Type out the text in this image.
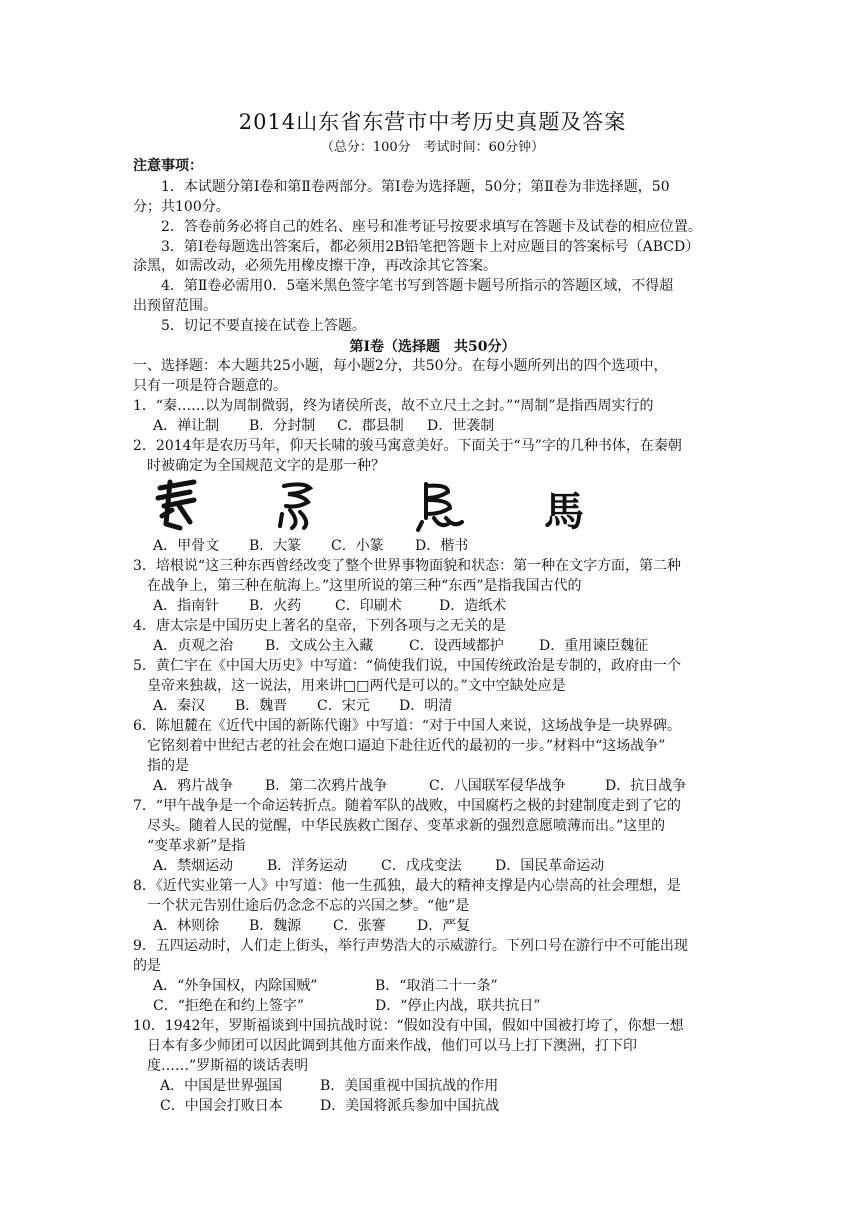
2014山东省东营市中考历史真题及答案
（总分：100分　考试时间：60分钟）
注意事项：
　　1．本试题分第Ⅰ卷和第Ⅱ卷两部分。第Ⅰ卷为选择题，50分；第Ⅱ卷为非选择题，50
分；共100分。
　　2．答卷前务必将自己的姓名、座号和准考证号按要求填写在答题卡及试卷的相应位置。
　　3．第Ⅰ卷每题选出答案后，都必须用2B铅笔把答题卡上对应题目的答案标号（ABCD）
涂黑，如需改动，必须先用橡皮擦干净，再改涂其它答案。
　　4．第Ⅱ卷必需用0．5毫米黑色签字笔书写到答题卡题号所指示的答题区域，不得超
出预留范围。
　　5．切记不要直接在试卷上答题。
第Ⅰ卷（选择题　共50分）
一、选择题：本大题共25小题，每小题2分，共50分。在每小题所列出的四个选项中，
只有一项是符合题意的。
1．“秦……以为周制微弱，终为诸侯所丧，故不立尺土之封。”“周制”是指西周实行的
A．禅让制 B．分封制 C．郡县制 D．世袭制
2．2014年是农历马年，仰天长啸的骏马寓意美好。下面关于“马”字的几种书体，在秦朝
　时被确定为全国规范文字的是那一种？
馬
A．甲骨文 B．大篆 C．小篆 D．楷书
3．培根说“这三种东西曾经改变了整个世界事物面貌和状态：第一种在文字方面，第二种
　在战争上，第三种在航海上。”这里所说的第三种“东西”是指我国古代的
A．指南针 B．火药 C．印刷术	D．造纸术
4．唐太宗是中国历史上著名的皇帝，下列各项与之无关的是
A．贞观之治 B．文成公主入藏	C．设西域都护	D．重用谏臣魏征
5．黄仁宇在《中国大历史》中写道：“倘使我们说，中国传统政治是专制的，政府由一个
　皇帝来独裁，这一说法，用来讲□□两代是可以的。”文中空缺处应是
A．秦汉 B．魏晋 C．宋元 D．明清
6．陈旭麓在《近代中国的新陈代谢》中写道：“对于中国人来说，这场战争是一块界碑。
　它铭刻着中世纪古老的社会在炮口逼迫下赴往近代的最初的一步。”材料中“这场战争”
　指的是
A．鸦片战争 B．第二次鸦片战争	C．八国联军侵华战争	D．抗日战争
7．“甲午战争是一个命运转折点。随着军队的战败，中国腐朽之极的封建制度走到了它的
　尽头。随着人民的觉醒，中华民族救亡图存、变革求新的强烈意愿喷薄而出。”这里的
　“变革求新”是指
A．禁烟运动 B．洋务运动 C．戊戌变法 D．国民革命运动
8．《近代实业第一人》中写道：他一生孤独，最大的精神支撑是内心崇高的社会理想，是
　一个状元告别仕途后仍念念不忘的兴国之梦。“他”是
A．林则徐 B．魏源 C．张謇 D．严复
9．五四运动时，人们走上街头，举行声势浩大的示威游行。下列口号在游行中不可能出现
的是
A．“外争国权，内除国贼”	B．“取消二十一条”
C．“拒绝在和约上签字”	D．“停止内战，联共抗日”
10．1942年，罗斯福谈到中国抗战时说：“假如没有中国，假如中国被打垮了，你想一想
　日本有多少师团可以因此调到其他方面来作战，他们可以马上打下澳洲，打下印
　度……”罗斯福的谈话表明
A．中国是世界强国	B．美国重视中国抗战的作用
C．中国会打败日本	D．美国将派兵参加中国抗战
